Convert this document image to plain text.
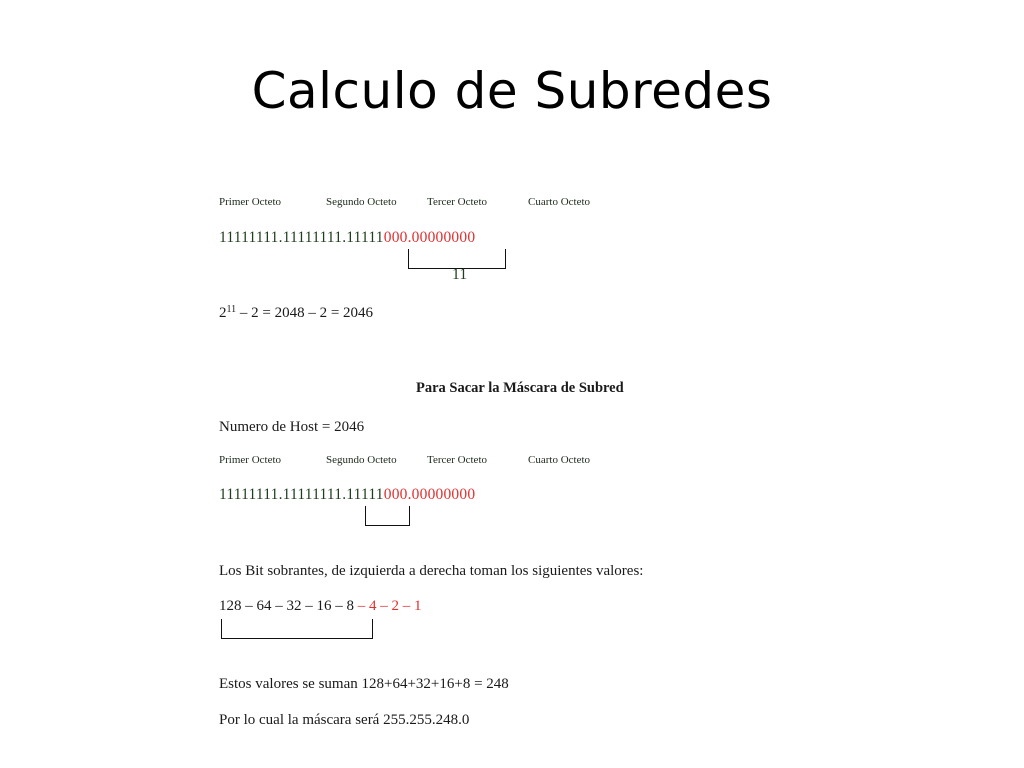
Calculo de Subredes
Primer Octeto	Segundo Octeto	Tercer Octeto	Cuarto Octeto
11111111.11111111.11111000.00000000
11
$2^{11} - 2 = 2048 - 2 = 2046$
Para Sacar la Máscara de Subred
Numero de Host = 2046
Primer Octeto	Segundo Octeto	Tercer Octeto	Cuarto Octeto
11111111.11111111.11111000.00000000
Los Bit sobrantes, de izquierda a derecha toman los siguientes valores:
128 – 64 – 32 – 16 – 8 – 4 – 2 – 1
Estos valores se suman 128+64+32+16+8 = 248
Por lo cual la máscara será 255.255.248.0
